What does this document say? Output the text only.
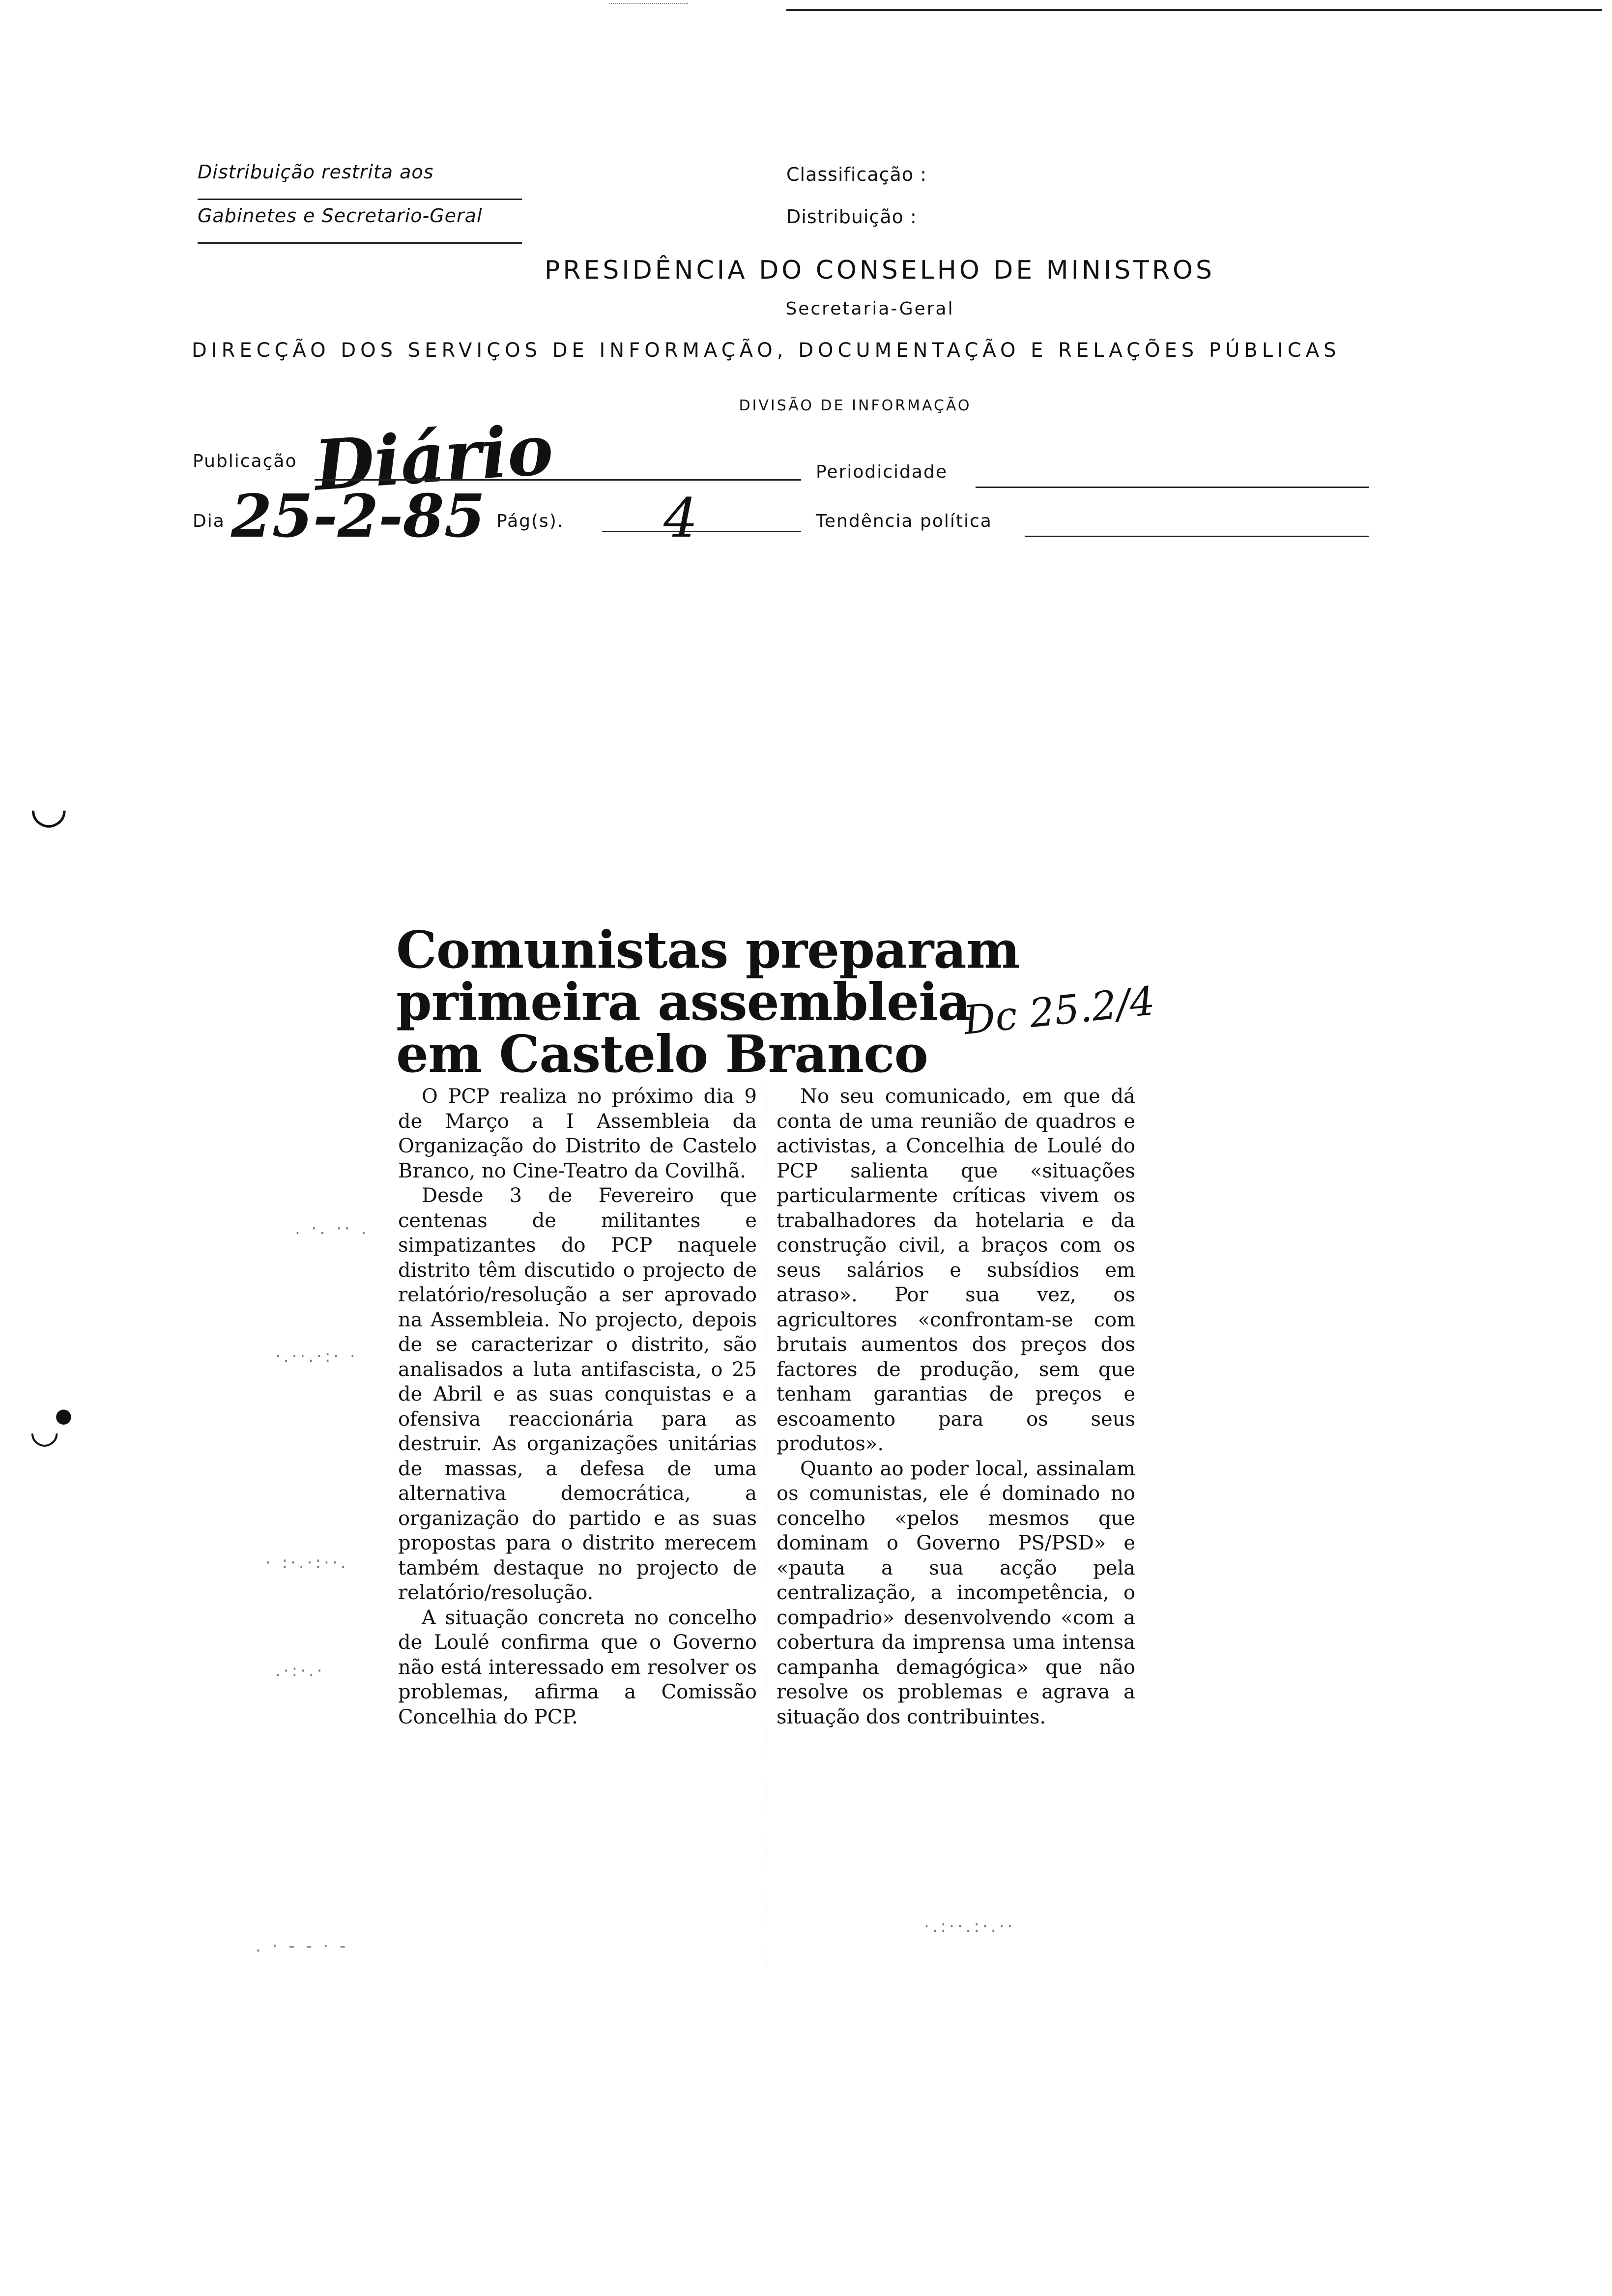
Distribuição restrita aos
Gabinetes e Secretario-Geral
Classificação :
Distribuição :
PRESIDÊNCIA DO CONSELHO DE MINISTROS
Secretaria-Geral
DIRECÇÃO DOS SERVIÇOS DE INFORMAÇÃO, DOCUMENTAÇÃO E RELAÇÕES PÚBLICAS
DIVISÃO DE INFORMAÇÃO
Publicação Diário	Periodicidade
Dia 25-2-85 Pág(s). 4	Tendência política
◡
◡
●
Comunistas preparam
primeira assembleia
em Castelo Branco
Dc 25.2/4

O PCP realiza no próximo dia 9 de Março a I Assembleia da Organização do Distrito de Castelo Branco, no Cine-Teatro da Covilhã.

Desde 3 de Fevereiro que centenas de militantes e simpatizantes do PCP naquele distrito têm discutido o projecto de relatório/resolução a ser aprovado na Assembleia. No projecto, depois de se caracterizar o distrito, são analisados a luta antifascista, o 25 de Abril e as suas conquistas e a ofensiva reaccionária para as destruir. As organizações unitárias de massas, a defesa de uma alternativa democrática, a organização do partido e as suas propostas para o distrito merecem também destaque no projecto de relatório/resolução.

A situação concreta no concelho de Loulé confirma que o Governo não está interessado em resolver os problemas, afirma a Comissão Concelhia do PCP.

No seu comunicado, em que dá conta de uma reunião de quadros e activistas, a Concelhia de Loulé do PCP salienta que «situações particularmente críticas vivem os trabalhadores da hotelaria e da construção civil, a braços com os seus salários e subsídios em atraso». Por sua vez, os agricultores «confrontam-se com brutais aumentos dos preços dos factores de produção, sem que tenham garantias de preços e escoamento para os seus produtos».

Quanto ao poder local, assinalam os comunistas, ele é dominado no concelho «pelos mesmos que dominam o Governo PS/PSD» e «pauta a sua acção pela centralização, a incompetência, o compadrio» desenvolvendo «com a cobertura da imprensa uma intensa campanha demagógica» que não resolve os problemas e agrava a situação dos contribuintes.

. ·. ·· .
·.··.·:· ·
· :·.·:··.
.·:·.·
·.:··.:·.··
. · - - · -
